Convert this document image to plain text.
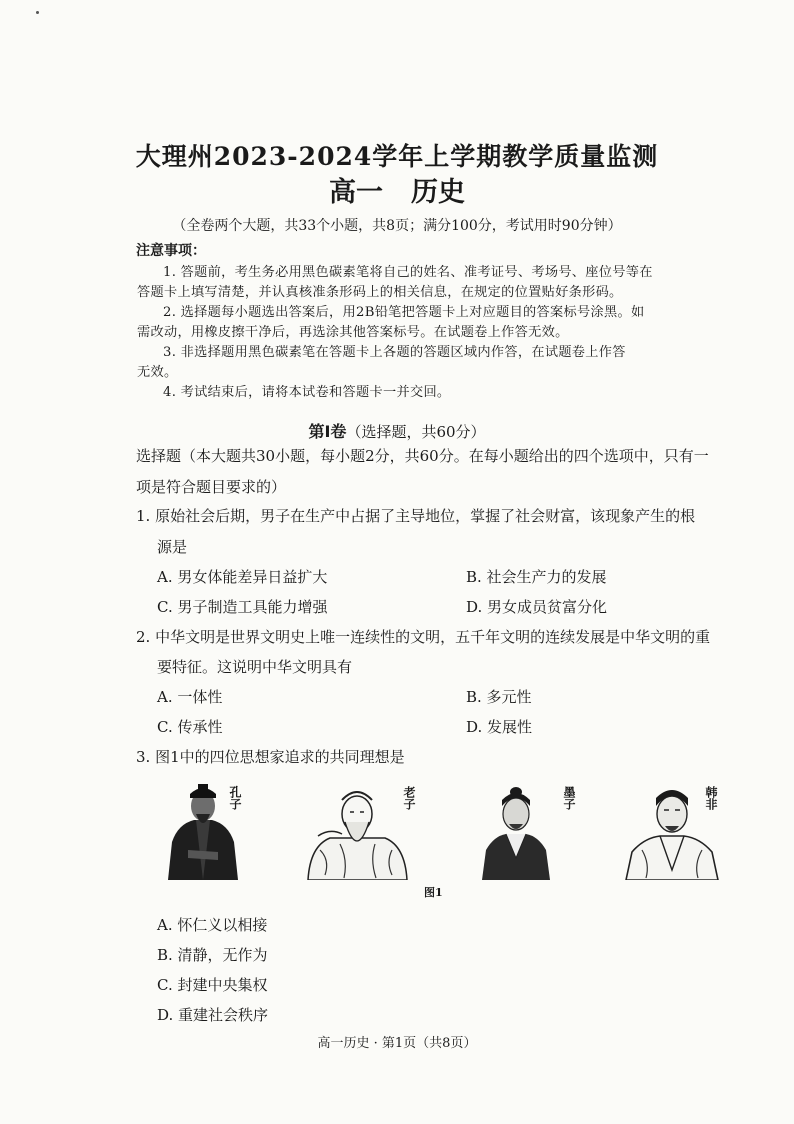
大理州2023-2024学年上学期教学质量监测
高一 历史
（全卷两个大题，共33个小题，共8页；满分100分，考试用时90分钟）
注意事项：
1. 答题前，考生务必用黑色碳素笔将自己的姓名、准考证号、考场号、座位号等在
答题卡上填写清楚，并认真核准条形码上的相关信息，在规定的位置贴好条形码。
2. 选择题每小题选出答案后，用2B铅笔把答题卡上对应题目的答案标号涂黑。如
需改动，用橡皮擦干净后，再选涂其他答案标号。在试题卷上作答无效。
3. 非选择题用黑色碳素笔在答题卡上各题的答题区域内作答，在试题卷上作答
无效。
4. 考试结束后，请将本试卷和答题卡一并交回。
第Ⅰ卷（选择题，共60分）
选择题（本大题共30小题，每小题2分，共60分。在每小题给出的四个选项中，只有一
项是符合题目要求的）
1. 原始社会后期，男子在生产中占据了主导地位，掌握了社会财富，该现象产生的根
源是
A. 男女体能差异日益扩大	B. 社会生产力的发展
C. 男子制造工具能力增强	D. 男女成员贫富分化
2. 中华文明是世界文明史上唯一连续性的文明，五千年文明的连续发展是中华文明的重
要特征。这说明中华文明具有
A. 一体性	B. 多元性
C. 传承性	D. 发展性
3. 图1中的四位思想家追求的共同理想是
孔子	老子	墨子	韩非
图1
A. 怀仁义以相接
B. 清静，无作为
C. 封建中央集权
D. 重建社会秩序
高一历史 · 第1页（共8页）
